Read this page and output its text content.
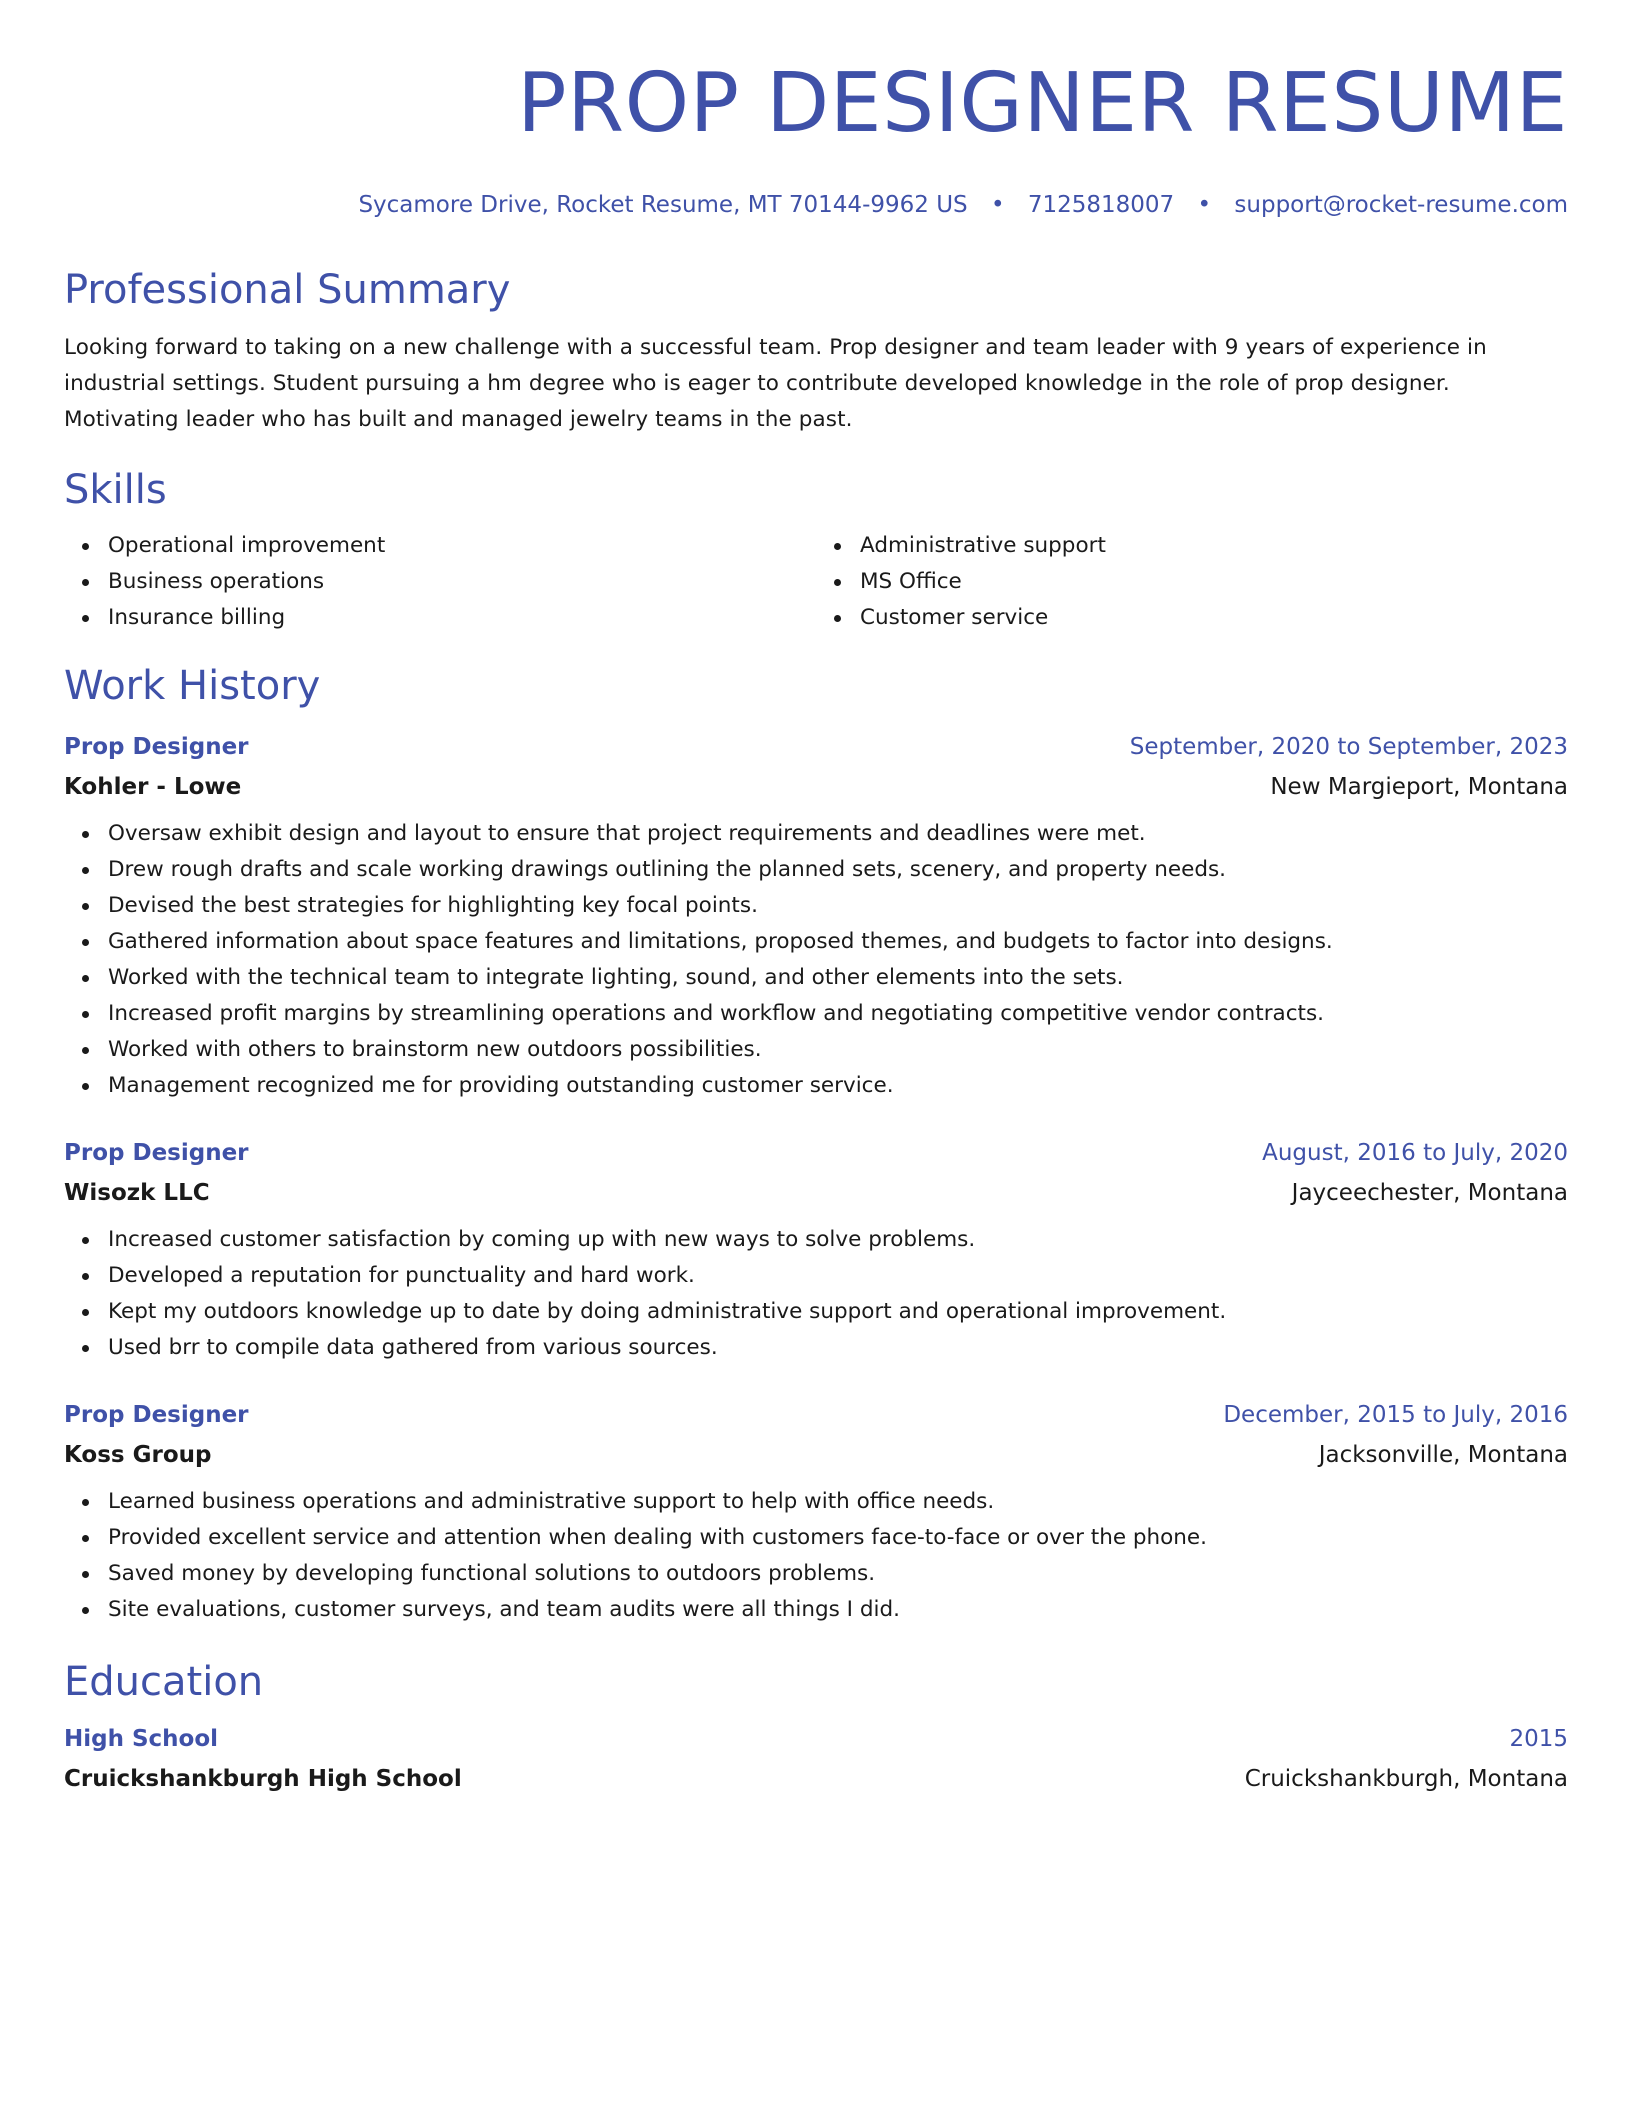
PROP DESIGNER RESUME
Sycamore Drive, Rocket Resume, MT 70144-9962 US • 7125818007 • support@rocket-resume.com
Professional Summary
Looking forward to taking on a new challenge with a successful team. Prop designer and team leader with 9 years of experience in industrial settings. Student pursuing a hm degree who is eager to contribute developed knowledge in the role of prop designer. Motivating leader who has built and managed jewelry teams in the past.
Skills
Operational improvement
Business operations
Insurance billing
Administrative support
MS Office
Customer service
Work History
Prop Designer	September, 2020 to September, 2023
Kohler - Lowe	New Margieport, Montana
Oversaw exhibit design and layout to ensure that project requirements and deadlines were met.
Drew rough drafts and scale working drawings outlining the planned sets, scenery, and property needs.
Devised the best strategies for highlighting key focal points.
Gathered information about space features and limitations, proposed themes, and budgets to factor into designs.
Worked with the technical team to integrate lighting, sound, and other elements into the sets.
Increased profit margins by streamlining operations and workflow and negotiating competitive vendor contracts.
Worked with others to brainstorm new outdoors possibilities.
Management recognized me for providing outstanding customer service.
Prop Designer	August, 2016 to July, 2020
Wisozk LLC	Jayceechester, Montana
Increased customer satisfaction by coming up with new ways to solve problems.
Developed a reputation for punctuality and hard work.
Kept my outdoors knowledge up to date by doing administrative support and operational improvement.
Used brr to compile data gathered from various sources.
Prop Designer	December, 2015 to July, 2016
Koss Group	Jacksonville, Montana
Learned business operations and administrative support to help with office needs.
Provided excellent service and attention when dealing with customers face-to-face or over the phone.
Saved money by developing functional solutions to outdoors problems.
Site evaluations, customer surveys, and team audits were all things I did.
Education
High School	2015
Cruickshankburgh High School	Cruickshankburgh, Montana
